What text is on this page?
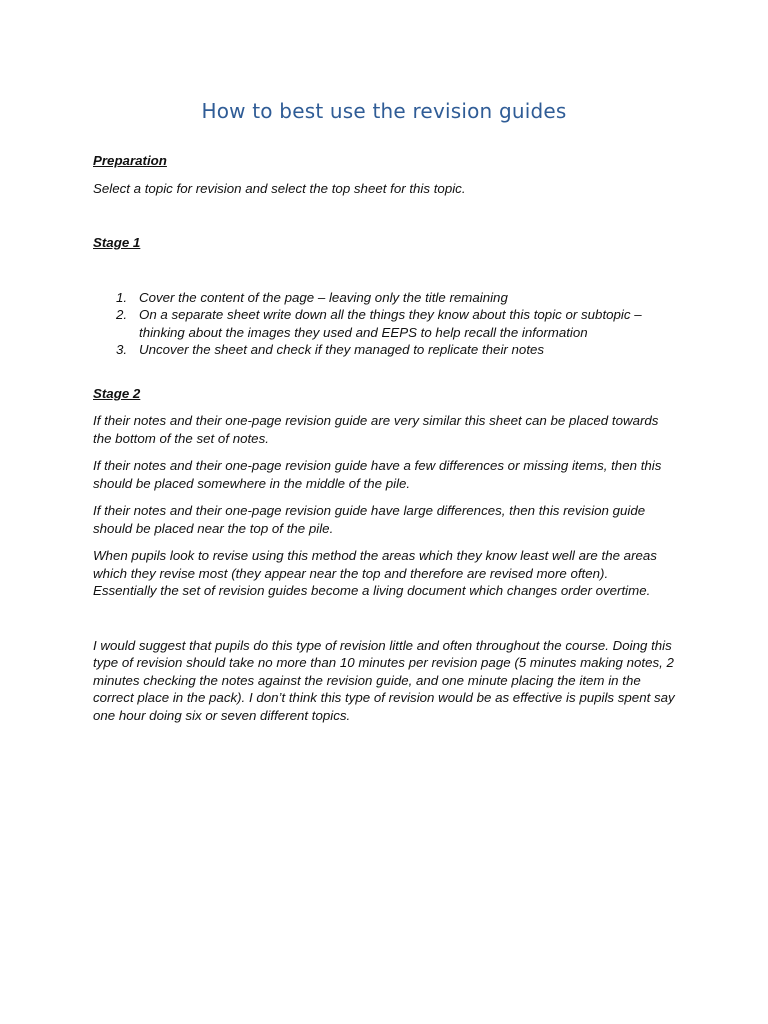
How to best use the revision guides
Preparation

Select a topic for revision and select the top sheet for this topic.

Stage 1
1. Cover the content of the page – leaving only the title remaining
2. On a separate sheet write down all the things they know about this topic or subtopic – thinking about the images they used and EEPS to help recall the information
3. Uncover the sheet and check if they managed to replicate their notes
Stage 2

If their notes and their one-page revision guide are very similar this sheet can be placed towards the bottom of the set of notes.

If their notes and their one-page revision guide have a few differences or missing items, then this should be placed somewhere in the middle of the pile.

If their notes and their one-page revision guide have large differences, then this revision guide should be placed near the top of the pile.

When pupils look to revise using this method the areas which they know least well are the areas which they revise most (they appear near the top and therefore are revised more often). Essentially the set of revision guides become a living document which changes order overtime.

I would suggest that pupils do this type of revision little and often throughout the course. Doing this type of revision should take no more than 10 minutes per revision page (5 minutes making notes, 2 minutes checking the notes against the revision guide, and one minute placing the item in the correct place in the pack). I don’t think this type of revision would be as effective is pupils spent say one hour doing six or seven different topics.
